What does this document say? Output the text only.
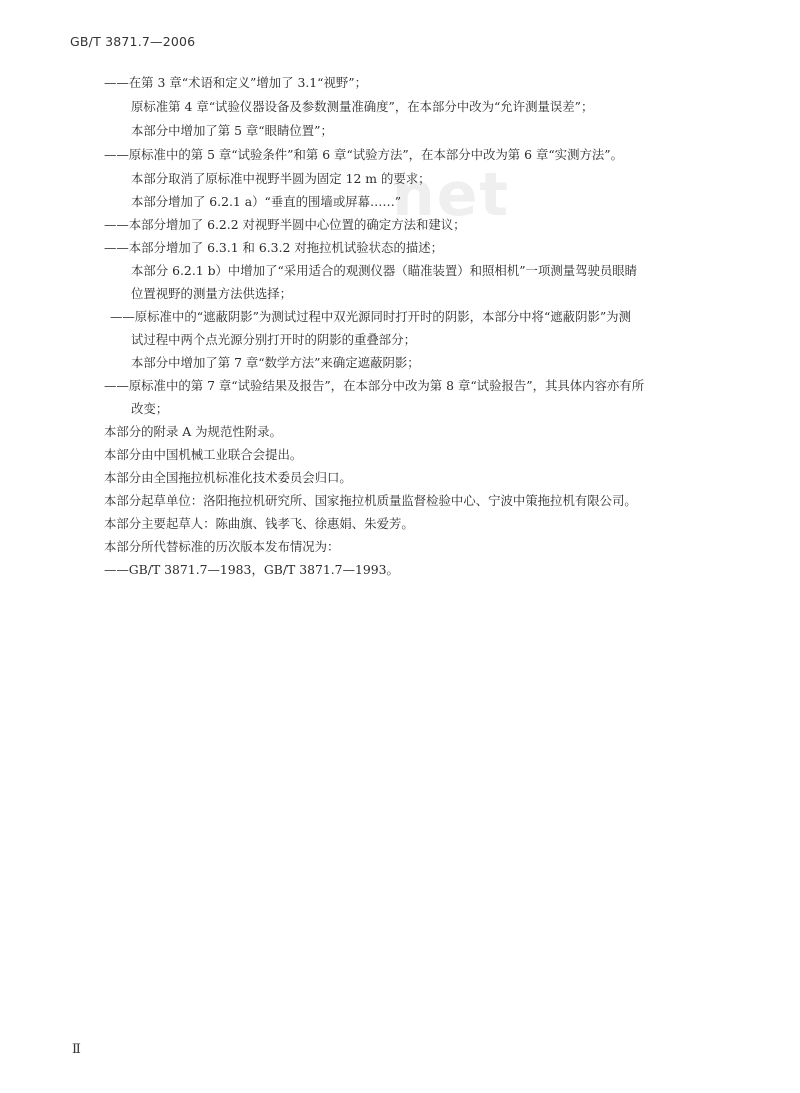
GB/T 3871.7—2006
net
——在第 3 章“术语和定义”增加了 3.1“视野”；
原标准第 4 章“试验仪器设备及参数测量准确度”，在本部分中改为“允许测量误差”；
本部分中增加了第 5 章“眼睛位置”；
——原标准中的第 5 章“试验条件”和第 6 章“试验方法”，在本部分中改为第 6 章“实测方法”。
本部分取消了原标准中视野半圆为固定 12 m 的要求；
本部分增加了 6.2.1 a）“垂直的围墙或屏幕……”
——本部分增加了 6.2.2 对视野半圆中心位置的确定方法和建议；
——本部分增加了 6.3.1 和 6.3.2 对拖拉机试验状态的描述；
本部分 6.2.1 b）中增加了“采用适合的观测仪器（瞄准装置）和照相机”一项测量驾驶员眼睛
位置视野的测量方法供选择；
——原标准中的“遮蔽阴影”为测试过程中双光源同时打开时的阴影，本部分中将“遮蔽阴影”为测
试过程中两个点光源分别打开时的阴影的重叠部分；
本部分中增加了第 7 章“数学方法”来确定遮蔽阴影；
——原标准中的第 7 章“试验结果及报告”，在本部分中改为第 8 章“试验报告”，其具体内容亦有所
改变；
本部分的附录 A 为规范性附录。
本部分由中国机械工业联合会提出。
本部分由全国拖拉机标准化技术委员会归口。
本部分起草单位：洛阳拖拉机研究所、国家拖拉机质量监督检验中心、宁波中策拖拉机有限公司。
本部分主要起草人：陈曲旗、钱孝飞、徐惠娟、朱爱芳。
本部分所代替标准的历次版本发布情况为：
——GB/T 3871.7—1983，GB/T 3871.7—1993。
Ⅱ
